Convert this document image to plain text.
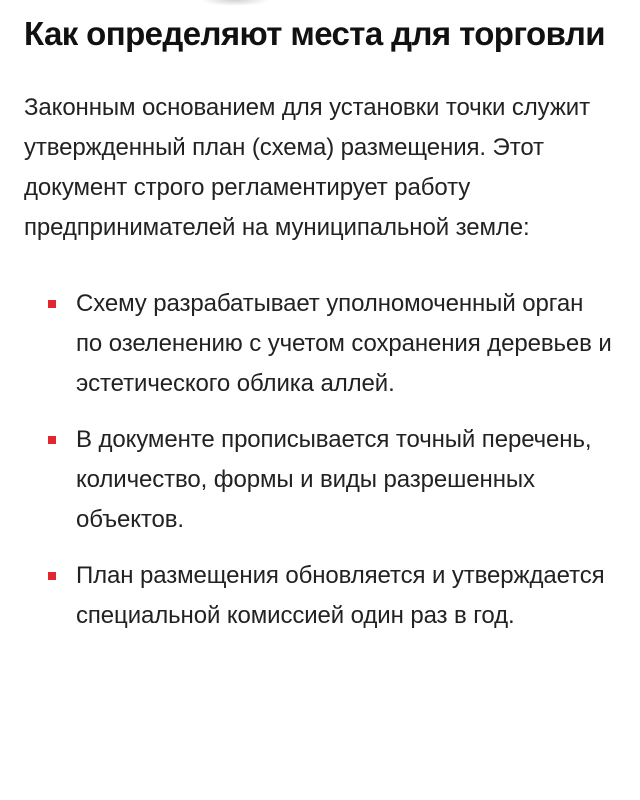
Как определяют места для торговли

Законным основанием для установки точки служит утвержденный план (схема) размещения. Этот документ строго регламентирует работу предпринимателей на муниципальной земле:

Схему разрабатывает уполномоченный орган по озеленению с учетом сохранения деревьев и эстетического облика аллей.
В документе прописывается точный перечень, количество, формы и виды разрешенных объектов.
План размещения обновляется и утверждается специальной комиссией один раз в год.
